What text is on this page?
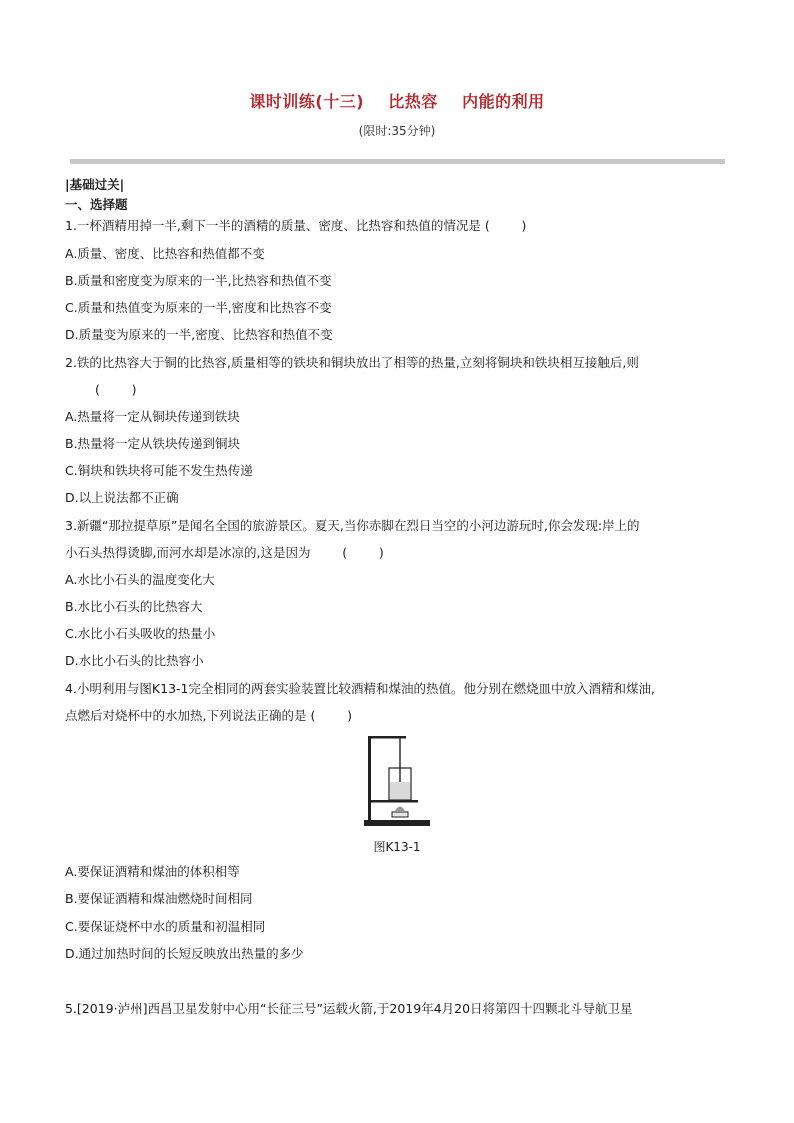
课时训练(十三)    比热容    内能的利用
(限时:35分钟)
|基础过关|
一、选择题
1.一杯酒精用掉一半,剩下一半的酒精的质量、密度、比热容和热值的情况是 (        )
A.质量、密度、比热容和热值都不变
B.质量和密度变为原来的一半,比热容和热值不变
C.质量和热值变为原来的一半,密度和比热容不变
D.质量变为原来的一半,密度、比热容和热值不变
2.铁的比热容大于铜的比热容,质量相等的铁块和铜块放出了相等的热量,立刻将铜块和铁块相互接触后,则
(        )
A.热量将一定从铜块传递到铁块
B.热量将一定从铁块传递到铜块
C.铜块和铁块将可能不发生热传递
D.以上说法都不正确
3.新疆“那拉提草原”是闻名全国的旅游景区。夏天,当你赤脚在烈日当空的小河边游玩时,你会发现:岸上的
小石头热得烫脚,而河水却是冰凉的,这是因为        (        )
A.水比小石头的温度变化大
B.水比小石头的比热容大
C.水比小石头吸收的热量小
D.水比小石头的比热容小
4.小明利用与图K13-1完全相同的两套实验装置比较酒精和煤油的热值。他分别在燃烧皿中放入酒精和煤油,
点燃后对烧杯中的水加热,下列说法正确的是 (        )
图K13-1
A.要保证酒精和煤油的体积相等
B.要保证酒精和煤油燃烧时间相同
C.要保证烧杯中水的质量和初温相同
D.通过加热时间的长短反映放出热量的多少
5.[2019·泸州]西昌卫星发射中心用“长征三号”运载火箭,于2019年4月20日将第四十四颗北斗导航卫星
